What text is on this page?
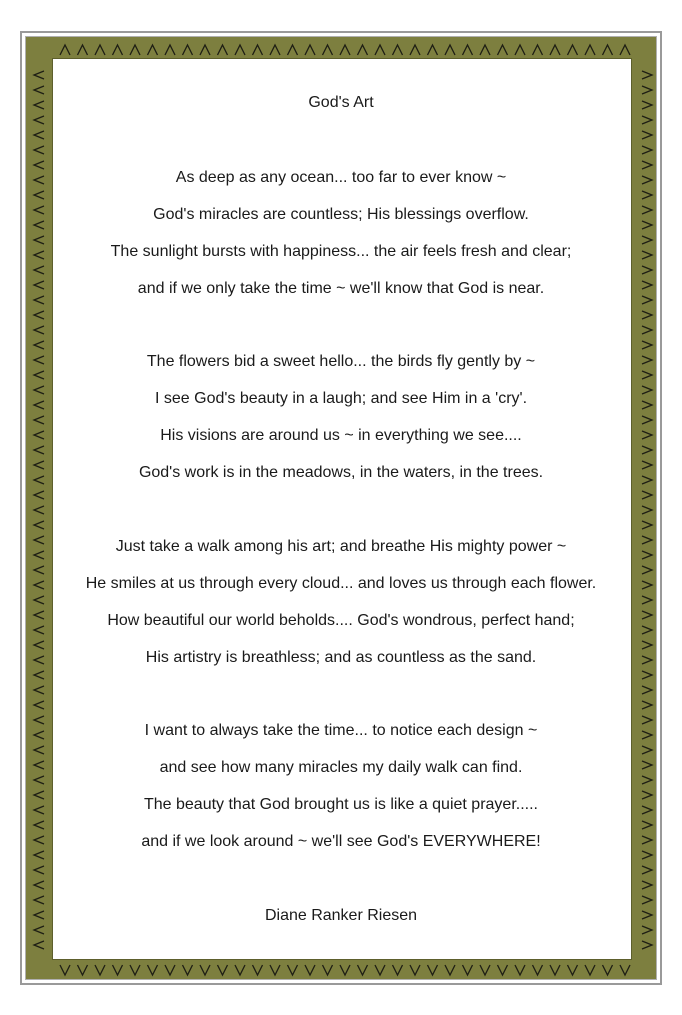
God's Art
As deep as any ocean... too far to ever know ~
God's miracles are countless; His blessings overflow.
The sunlight bursts with happiness... the air feels fresh and clear;
and if we only take the time ~ we'll know that God is near.
The flowers bid a sweet hello... the birds fly gently by ~
I see God's beauty in a laugh; and see Him in a 'cry'.
His visions are around us ~ in everything we see....
God's work is in the meadows, in the waters, in the trees.
Just take a walk among his art; and breathe His mighty power ~
He smiles at us through every cloud... and loves us through each flower.
How beautiful our world beholds.... God's wondrous, perfect hand;
His artistry is breathless; and as countless as the sand.
I want to always take the time... to notice each design ~
and see how many miracles my daily walk can find.
The beauty that God brought us is like a quiet prayer.....
and if we look around ~ we'll see God's EVERYWHERE!
Diane Ranker Riesen
